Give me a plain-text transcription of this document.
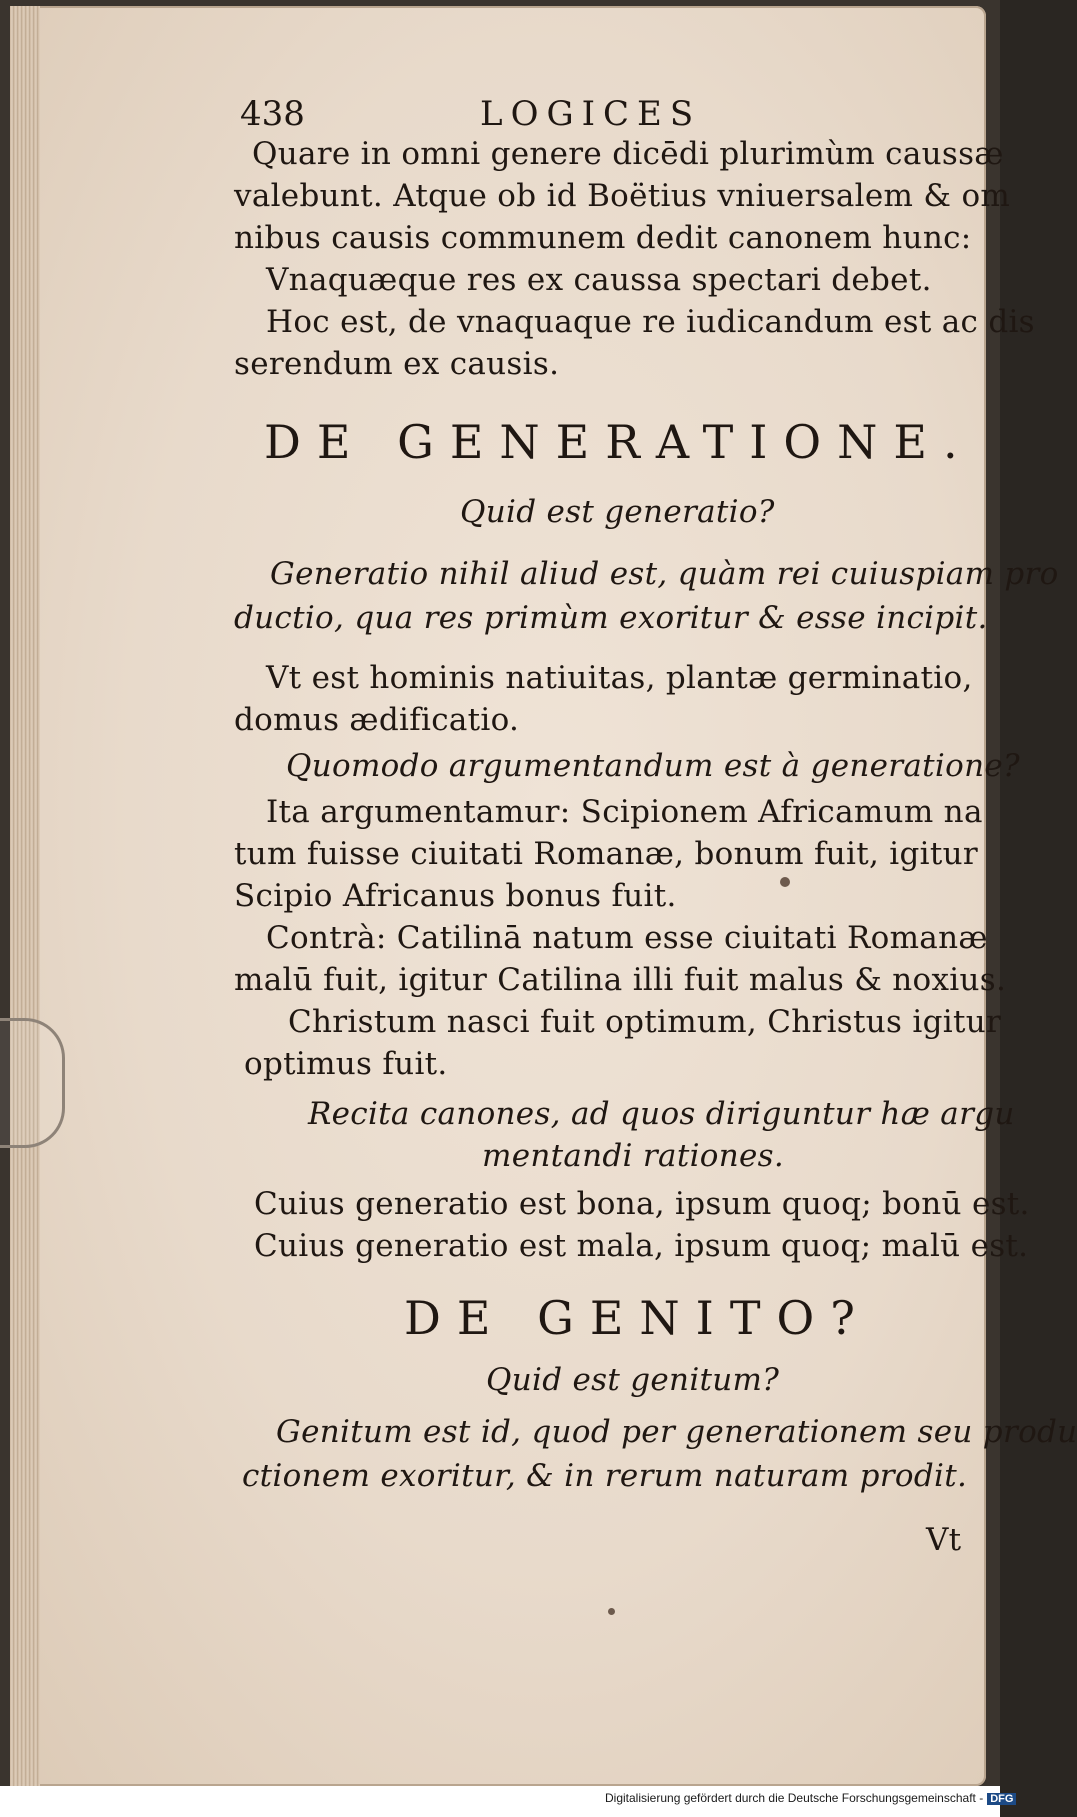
438	LOGICES
Quare in omni genere dicēdi plurimùm caussæ
valebunt. Atque ob id Boëtius vniuersalem & om
nibus causis communem dedit canonem hunc:
Vnaquæque res ex caussa spectari debet.
Hoc est, de vnaquaque re iudicandum est ac dis
serendum ex causis.
DE GENERATIONE.
Quid est generatio?
Generatio nihil aliud est, quàm rei cuiuspiam pro
ductio, qua res primùm exoritur & esse incipit.
Vt est hominis natiuitas, plantæ germinatio,
domus ædificatio.
Quomodo argumentandum est à generatione?
Ita argumentamur: Scipionem Africamum na
tum fuisse ciuitati Romanæ, bonum fuit, igitur
Scipio Africanus bonus fuit.
Contrà: Catilinā natum esse ciuitati Romanæ
malū fuit, igitur Catilina illi fuit malus & noxius.
Christum nasci fuit optimum, Christus igitur
optimus fuit.
Recita canones, ad quos diriguntur hæ argu
mentandi rationes.
Cuius generatio est bona, ipsum quoq; bonū est.
Cuius generatio est mala, ipsum quoq; malū est.
DE GENITO?
Quid est genitum?
Genitum est id, quod per generationem seu produ
ctionem exoritur, & in rerum naturam prodit.
Vt
Digitalisierung gefördert durch die Deutsche Forschungsgemeinschaft - DFG
